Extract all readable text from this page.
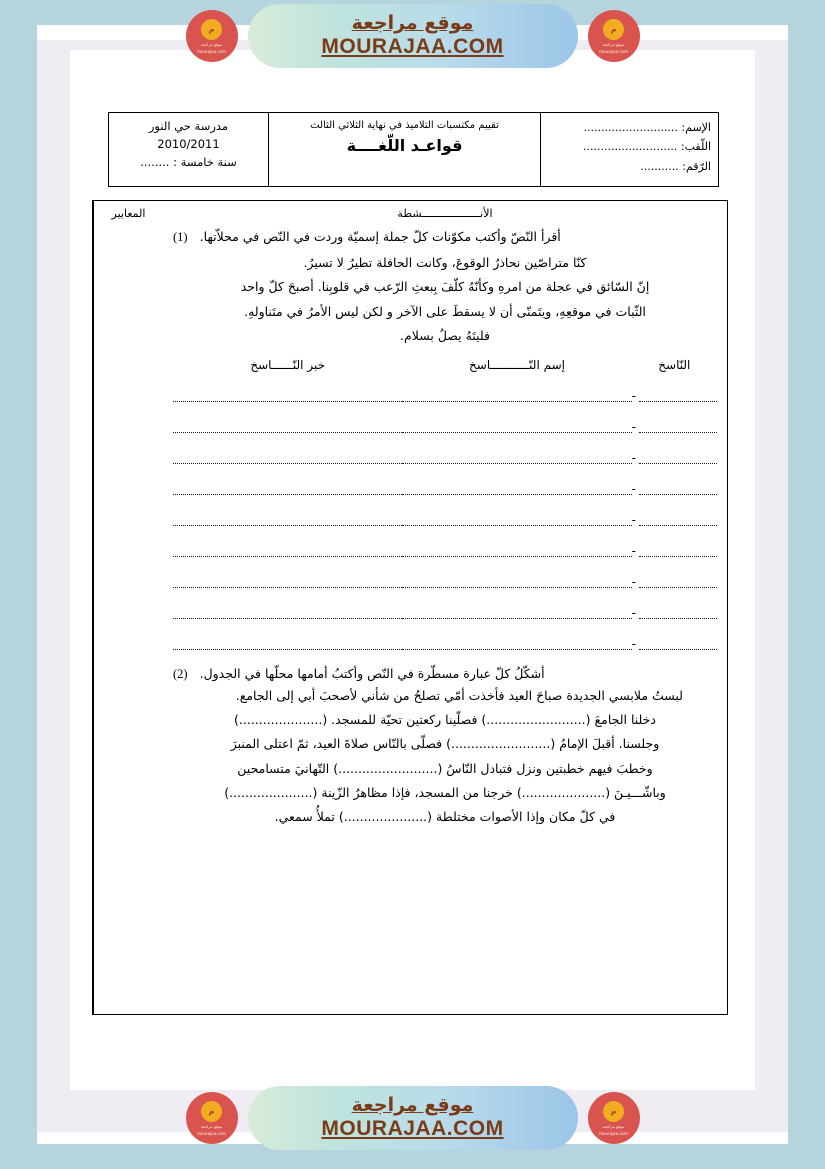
الإسم: ...........................
اللّقب: ...........................
الرّقم: ...........

تقييم مكتسبات التلاميذ في نهاية الثلاثي الثالث
قواعـد اللّغــــة

مدرسة حي النور
2010/2011
سنة خامسة : ........
المعايير	الأنــــــــــــــــــشطة
(1) أقرأ النّصّ وأكتب مكوّنات كلّ جملة إسميّة وردت في النّص في محلاّتها.
كنّا متراصّين نحاذرُ الوقوعَ، وكانت الحافلة تطيرُ لا تسيرُ.
إنّ السّائق في عجلة من امرهِ وكأنّهُ كلّفَ بِبعثِ الرّعب في قلوبِنا. أصبحَ كلّ واحد
الثّبات في موقعِهِ، ويتَمنّى أن لا يسقطَ على الآخر و لكن ليس الأمرُ في متَناولهِ.
فليتَهُ يصلُ بسلام.
النّاسخ	إسم النّـــــــــــاسخ	خبر النّــــــاسخ

-		

-		

-		

-		

-		

-		

-		

-		

-		

(2) أشكّلُ كلّ عبارة مسطّرة في النّص وأكتبُ أمامها محلّها في الجدول.
لبستُ ملابسي الجديدة صباحَ العيد فأخذت أمّي تصلحُ من شأني لأصحبَ أبي إلى الجامع.
دخلنا الجامعَ (.........................) فصلّينا ركعتين تحيّة للمسجد. (.....................)
وجلسنا. أقبلَ الإمامُ (.........................) فصلّى بالنّاس صلاةَ العيد، ثمّ اعتلى المنبرَ
وخطبَ فيهم خطبتين ونزل فتبادل النّاسُ (.........................) التّهانيَ متسامحين
وباشّـــيـنَ (.....................) خرجنا من المسجد، فإذا مظاهرُ الزّينة (.....................)
في كلّ مكان وإذا الأصوات مختلطة (.....................) تملأُ سمعي.
م
موقع مراجعة
mourajaa.com
موقع مراجعة
MOURAJAA.COM
م
موقع مراجعة
mourajaa.com
م
موقع مراجعة
mourajaa.com
موقع مراجعة
MOURAJAA.COM
م
موقع مراجعة
mourajaa.com
